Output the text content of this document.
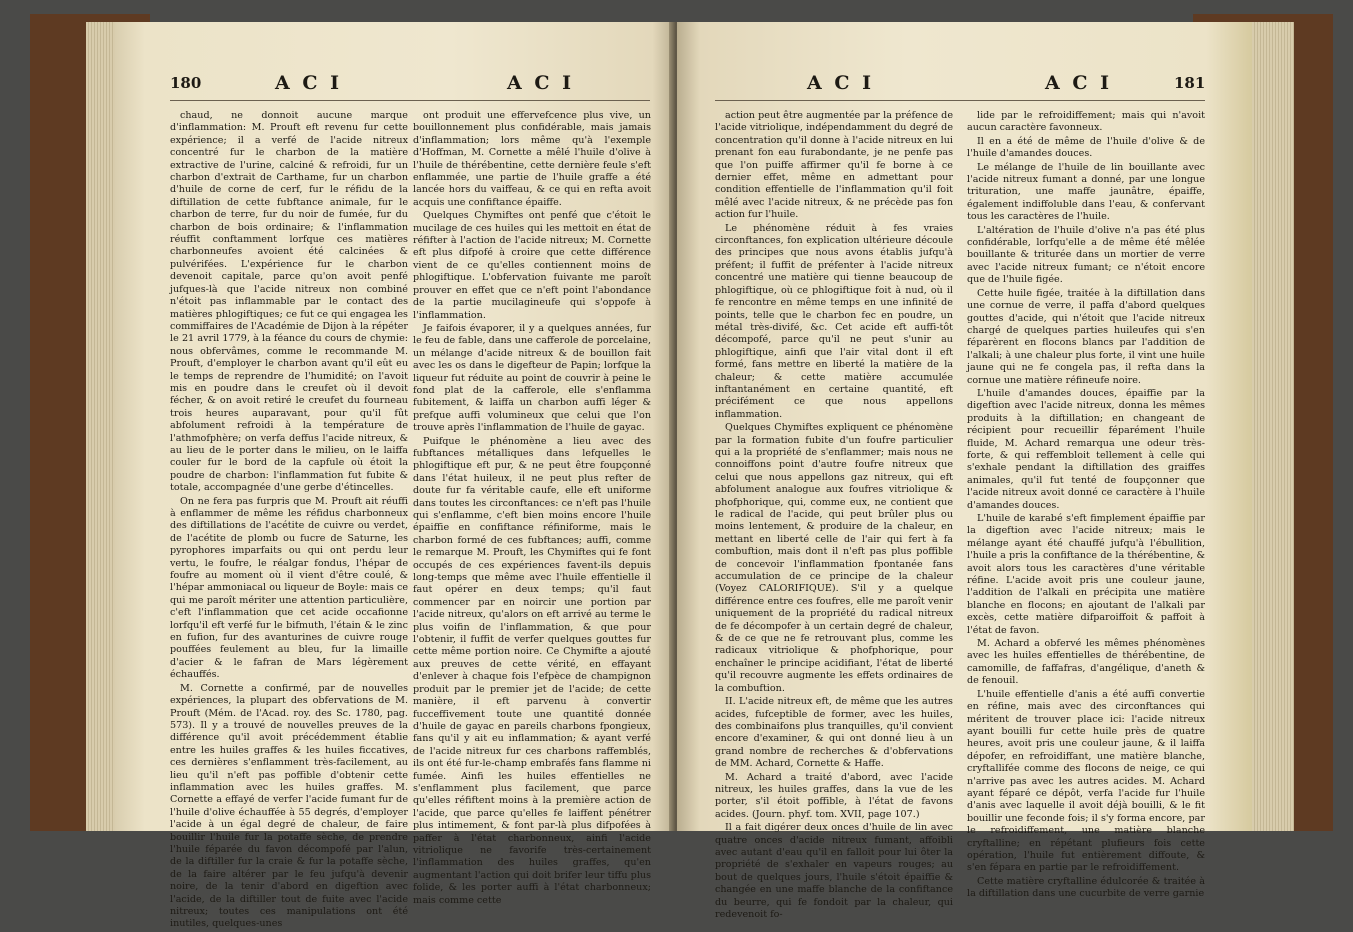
180	A C I	A C I

chaud, ne donnoit aucune marque d'inflammation: M. Prouft eft revenu fur cette expérience; il a verfé de l'acide nitreux concentré fur le charbon de la matière extractive de l'urine, calciné & refroidi, fur un charbon d'extrait de Carthame, fur un charbon d'huile de corne de cerf, fur le réfidu de la diftillation de cette fubftance animale, fur le charbon de terre, fur du noir de fumée, fur du charbon de bois ordinaire; & l'inflammation réuffit conftamment lorfque ces matières charbonneufes avoient été calcinées & pulvérifées. L'expérience fur le charbon devenoit capitale, parce qu'on avoit penfé jufques-là que l'acide nitreux non combiné n'étoit pas inflammable par le contact des matières phlogiftiques; ce fut ce qui engagea les commiffaires de l'Académie de Dijon à la répéter le 21 avril 1779, à la féance du cours de chymie: nous obfervâmes, comme le recommande M. Prouft, d'employer le charbon avant qu'il eût eu le temps de reprendre de l'humidité; on l'avoit mis en poudre dans le creufet où il devoit fécher, & on avoit retiré le creufet du fourneau trois heures auparavant, pour qu'il fût abfolument refroidi à la température de l'athmofphère; on verfa deffus l'acide nitreux, & au lieu de le porter dans le milieu, on le laiffa couler fur le bord de la capfule où étoit la poudre de charbon: l'inflammation fut fubite & totale, accompagnée d'une gerbe d'étincelles.

On ne fera pas furpris que M. Prouft ait réuffi à enflammer de même les réfidus charbonneux des diftillations de l'acétite de cuivre ou verdet, de l'acétite de plomb ou fucre de Saturne, les pyrophores imparfaits ou qui ont perdu leur vertu, le foufre, le réalgar fondus, l'hépar de foufre au moment où il vient d'être coulé, & l'hépar ammoniacal ou liqueur de Boyle: mais ce qui me paroît mériter une attention particulière, c'eft l'inflammation que cet acide occafionne lorfqu'il eft verfé fur le bifmuth, l'étain & le zinc en fufion, fur des avanturines de cuivre rouge pouffées feulement au bleu, fur la limaille d'acier & le fafran de Mars légèrement échauffés.

M. Cornette a confirmé, par de nouvelles expériences, la plupart des obfervations de M. Prouft (Mém. de l'Acad. roy. des Sc. 1780, pag. 573). Il y a trouvé de nouvelles preuves de la différence qu'il avoit précédemment établie entre les huiles graffes & les huiles ficcatives, ces dernières s'enflamment très-facilement, au lieu qu'il n'eft pas poffible d'obtenir cette inflammation avec les huiles graffes. M. Cornette a effayé de verfer l'acide fumant fur de l'huile d'olive échauffée à 55 degrés, d'employer l'acide à un égal degré de chaleur, de faire bouillir l'huile fur la potaffe sèche, de prendre l'huile féparée du favon décompofé par l'alun, de la diftiller fur la craie & fur la potaffe sèche, de la faire altérer par le feu jufqu'à devenir noire, de la tenir d'abord en digeftion avec l'acide, de la diftiller tout de fuite avec l'acide nitreux; toutes ces manipulations ont été inutiles, quelques-unes

ont produit une effervefcence plus vive, un bouillonnement plus confidérable, mais jamais d'inflammation; lors même qu'à l'exemple d'Hoffman, M. Cornette a mêlé l'huile d'olive à l'huile de thérébentine, cette dernière feule s'eft enflammée, une partie de l'huile graffe a été lancée hors du vaiffeau, & ce qui en refta avoit acquis une confiftance épaiffe.

Quelques Chymiftes ont penfé que c'étoit le mucilage de ces huiles qui les mettoit en état de réfifter à l'action de l'acide nitreux; M. Cornette eft plus difpofé à croire que cette différence vient de ce qu'elles contiennent moins de phlogiftique. L'obfervation fuivante me paroît prouver en effet que ce n'eft point l'abondance de la partie mucilagineufe qui s'oppofe à l'inflammation.

Je faifois évaporer, il y a quelques années, fur le feu de fable, dans une cafferole de porcelaine, un mélange d'acide nitreux & de bouillon fait avec les os dans le digefteur de Papin; lorfque la liqueur fut réduite au point de couvrir à peine le fond plat de la cafferole, elle s'enflamma fubitement, & laiffa un charbon auffi léger & prefque auffi volumineux que celui que l'on trouve après l'inflammation de l'huile de gayac.

Puifque le phénomène a lieu avec des fubftances métalliques dans lefquelles le phlogiftique eft pur, & ne peut être foupçonné dans l'état huileux, il ne peut plus refter de doute fur fa véritable caufe, elle eft uniforme dans toutes les circonftances: ce n'eft pas l'huile qui s'enflamme, c'eft bien moins encore l'huile épaiffie en confiftance réfiniforme, mais le charbon formé de ces fubftances; auffi, comme le remarque M. Prouft, les Chymiftes qui fe font occupés de ces expériences favent-ils depuis long-temps que même avec l'huile effentielle il faut opérer en deux temps; qu'il faut commencer par en noircir une portion par l'acide nitreux, qu'alors on eft arrivé au terme le plus voifin de l'inflammation, & que pour l'obtenir, il fuffit de verfer quelques gouttes fur cette même portion noire. Ce Chymifte a ajouté aux preuves de cette vérité, en effayant d'enlever à chaque fois l'efpèce de champignon produit par le premier jet de l'acide; de cette manière, il eft parvenu à convertir fucceffivement toute une quantité donnée d'huile de gayac en pareils charbons fpongieux, fans qu'il y ait eu inflammation; & ayant verfé de l'acide nitreux fur ces charbons raffemblés, ils ont été fur-le-champ embrafés fans flamme ni fumée. Ainfi les huiles effentielles ne s'enflamment plus facilement, que parce qu'elles réfiftent moins à la première action de l'acide, que parce qu'elles fe laiffent pénétrer plus intimement, & font par-là plus difpofées à paffer à l'état charbonneux, ainfi l'acide vitriolique ne favorife très-certainement l'inflammation des huiles graffes, qu'en augmentant l'action qui doit brifer leur tiffu plus folide, & les porter auffi à l'état charbonneux; mais comme cette

A C I	A C I	181

action peut être augmentée par la préfence de l'acide vitriolique, indépendamment du degré de concentration qu'il donne à l'acide nitreux en lui prenant fon eau furabondante, je ne penfe pas que l'on puiffe affirmer qu'il fe borne à ce dernier effet, même en admettant pour condition effentielle de l'inflammation qu'il foit mêlé avec l'acide nitreux, & ne précède pas fon action fur l'huile.

Le phénomène réduit à fes vraies circonftances, fon explication ultérieure découle des principes que nous avons établis jufqu'à préfent; il fuffit de préfenter à l'acide nitreux concentré une matière qui tienne beaucoup de phlogiftique, où ce phlogiftique foit à nud, où il fe rencontre en même temps en une infinité de points, telle que le charbon fec en poudre, un métal très-divifé, &c. Cet acide eft auffi-tôt décompofé, parce qu'il ne peut s'unir au phlogiftique, ainfi que l'air vital dont il eft formé, fans mettre en liberté la matière de la chaleur; & cette matière accumulée inftantanément en certaine quantité, eft précifément ce que nous appellons inflammation.

Quelques Chymiftes expliquent ce phénomène par la formation fubite d'un foufre particulier qui a la propriété de s'enflammer; mais nous ne connoiffons point d'autre foufre nitreux que celui que nous appellons gaz nitreux, qui eft abfolument analogue aux foufres vitriolique & phofphorique, qui, comme eux, ne contient que le radical de l'acide, qui peut brûler plus ou moins lentement, & produire de la chaleur, en mettant en liberté celle de l'air qui fert à fa combuftion, mais dont il n'eft pas plus poffible de concevoir l'inflammation fpontanée fans accumulation de ce principe de la chaleur (Voyez CALORIFIQUE). S'il y a quelque différence entre ces foufres, elle me paroît venir uniquement de la propriété du radical nitreux de fe décompofer à un certain degré de chaleur, & de ce que ne fe retrouvant plus, comme les radicaux vitriolique & phofphorique, pour enchaîner le principe acidifiant, l'état de liberté qu'il recouvre augmente les effets ordinaires de la combuftion.

II. L'acide nitreux eft, de même que les autres acides, fufceptible de former, avec les huiles, des combinaifons plus tranquilles, qu'il convient encore d'examiner, & qui ont donné lieu à un grand nombre de recherches & d'obfervations de MM. Achard, Cornette & Haffe.

M. Achard a traité d'abord, avec l'acide nitreux, les huiles graffes, dans la vue de les porter, s'il étoit poffible, à l'état de favons acides. (Journ. phyf. tom. XVII, page 107.)

Il a fait digérer deux onces d'huile de lin avec quatre onces d'acide nitreux fumant, affoibli avec autant d'eau qu'il en falloit pour lui ôter la propriété de s'exhaler en vapeurs rouges; au bout de quelques jours, l'huile s'étoit épaiffie & changée en une maffe blanche de la confiftance du beurre, qui fe fondoit par la chaleur, qui redevenoit fo-

lide par le refroidiffement; mais qui n'avoit aucun caractère favonneux.

Il en a été de même de l'huile d'olive & de l'huile d'amandes douces.

Le mélange de l'huile de lin bouillante avec l'acide nitreux fumant a donné, par une longue trituration, une maffe jaunâtre, épaiffe, également indiffoluble dans l'eau, & confervant tous les caractères de l'huile.

L'altération de l'huile d'olive n'a pas été plus confidérable, lorfqu'elle a de même été mêlée bouillante & triturée dans un mortier de verre avec l'acide nitreux fumant; ce n'étoit encore que de l'huile figée.

Cette huile figée, traitée à la diftillation dans une cornue de verre, il paffa d'abord quelques gouttes d'acide, qui n'étoit que l'acide nitreux chargé de quelques parties huileufes qui s'en féparèrent en flocons blancs par l'addition de l'alkali; à une chaleur plus forte, il vint une huile jaune qui ne fe congela pas, il refta dans la cornue une matière réfineufe noire.

L'huile d'amandes douces, épaiffie par la digeftion avec l'acide nitreux, donna les mêmes produits à la diftillation; en changeant de récipient pour recueillir féparément l'huile fluide, M. Achard remarqua une odeur très-forte, & qui reffembloit tellement à celle qui s'exhale pendant la diftillation des graiffes animales, qu'il fut tenté de foupçonner que l'acide nitreux avoit donné ce caractère à l'huile d'amandes douces.

L'huile de karabé s'eft fimplement épaiffie par la digeftion avec l'acide nitreux; mais le mélange ayant été chauffé jufqu'à l'ébullition, l'huile a pris la confiftance de la thérébentine, & avoit alors tous les caractères d'une véritable réfine. L'acide avoit pris une couleur jaune, l'addition de l'alkali en précipita une matière blanche en flocons; en ajoutant de l'alkali par excès, cette matière difparoiffoit & paffoit à l'état de favon.

M. Achard a obfervé les mêmes phénomènes avec les huiles effentielles de thérébentine, de camomille, de faffafras, d'angélique, d'aneth & de fenouil.

L'huile effentielle d'anis a été auffi convertie en réfine, mais avec des circonftances qui méritent de trouver place ici: l'acide nitreux ayant bouilli fur cette huile près de quatre heures, avoit pris une couleur jaune, & il laiffa dépofer, en refroidiffant, une matière blanche, cryftallifée comme des flocons de neige, ce qui n'arrive pas avec les autres acides. M. Achard ayant féparé ce dépôt, verfa l'acide fur l'huile d'anis avec laquelle il avoit déjà bouilli, & le fit bouillir une feconde fois; il s'y forma encore, par le refroidiffement, une matière blanche cryftalline; en répétant plufieurs fois cette opération, l'huile fut entièrement diffoute, & s'en fépara en partie par le refroidiffement.

Cette matière cryftalline édulcorée & traitée à la diftillation dans une cucurbite de verre garnie
